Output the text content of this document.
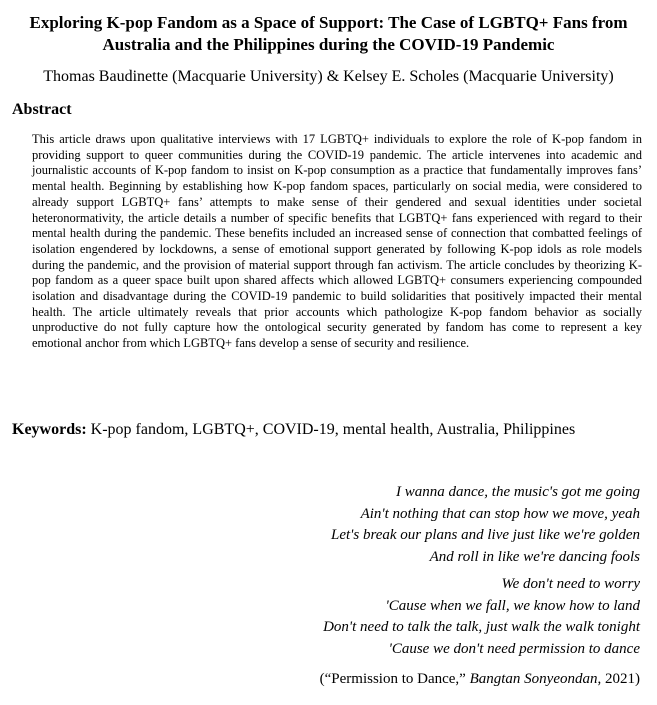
Exploring K-pop Fandom as a Space of Support: The Case of LGBTQ+ Fans from Australia and the Philippines during the COVID-19 Pandemic
Thomas Baudinette (Macquarie University) & Kelsey E. Scholes (Macquarie University)
Abstract

This article draws upon qualitative interviews with 17 LGBTQ+ individuals to explore the role of K-pop fandom in providing support to queer communities during the COVID-19 pandemic. The article intervenes into academic and journalistic accounts of K-pop fandom to insist on K-pop consumption as a practice that fundamentally improves fans’ mental health. Beginning by establishing how K-pop fandom spaces, particularly on social media, were considered to already support LGBTQ+ fans’ attempts to make sense of their gendered and sexual identities under societal heteronormativity, the article details a number of specific benefits that LGBTQ+ fans experienced with regard to their mental health during the pandemic. These benefits included an increased sense of connection that combatted feelings of isolation engendered by lockdowns, a sense of emotional support generated by following K-pop idols as role models during the pandemic, and the provision of material support through fan activism. The article concludes by theorizing K-pop fandom as a queer space built upon shared affects which allowed LGBTQ+ consumers experiencing compounded isolation and disadvantage during the COVID-19 pandemic to build solidarities that positively impacted their mental health. The article ultimately reveals that prior accounts which pathologize K-pop fandom behavior as socially unproductive do not fully capture how the ontological security generated by fandom has come to represent a key emotional anchor from which LGBTQ+ fans develop a sense of security and resilience.

Keywords: K-pop fandom, LGBTQ+, COVID-19, mental health, Australia, Philippines
I wanna dance, the music's got me going
Ain't nothing that can stop how we move, yeah
Let's break our plans and live just like we're golden
And roll in like we're dancing fools
We don't need to worry
'Cause when we fall, we know how to land
Don't need to talk the talk, just walk the walk tonight
'Cause we don't need permission to dance
(“Permission to Dance,” Bangtan Sonyeondan, 2021)
